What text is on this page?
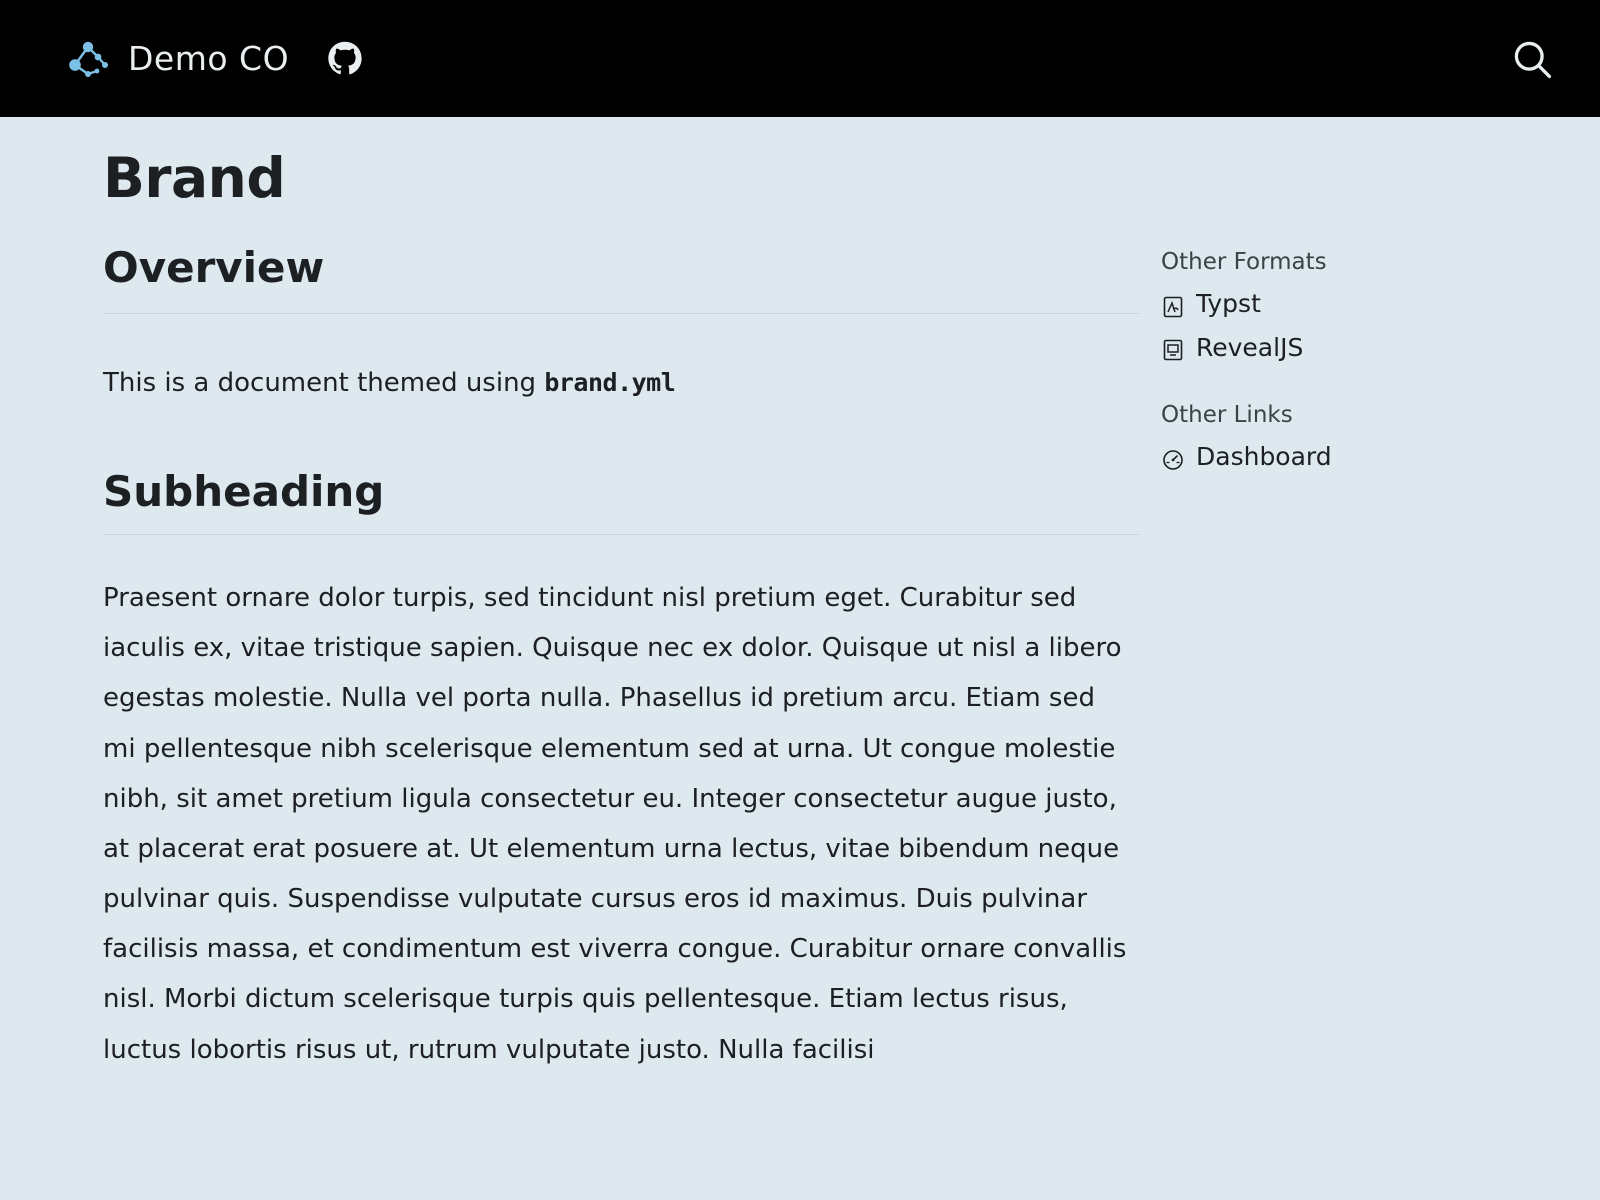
Demo CO
Brand
Overview

This is a document themed using brand.yml

Subheading

Praesent ornare dolor turpis, sed tincidunt nisl pretium eget. Curabitur sed iaculis ex, vitae tristique sapien. Quisque nec ex dolor. Quisque ut nisl a libero egestas molestie. Nulla vel porta nulla. Phasellus id pretium arcu. Etiam sed mi pellentesque nibh scelerisque elementum sed at urna. Ut congue molestie nibh, sit amet pretium ligula consectetur eu. Integer consectetur augue justo, at placerat erat posuere at. Ut elementum urna lectus, vitae bibendum neque pulvinar quis. Suspendisse vulputate cursus eros id maximus. Duis pulvinar facilisis massa, et condimentum est viverra congue. Curabitur ornare convallis nisl. Morbi dictum scelerisque turpis quis pellentesque. Etiam lectus risus, luctus lobortis risus ut, rutrum vulputate justo. Nulla facilisi

Other Formats
Typst
RevealJS
Other Links
Dashboard
